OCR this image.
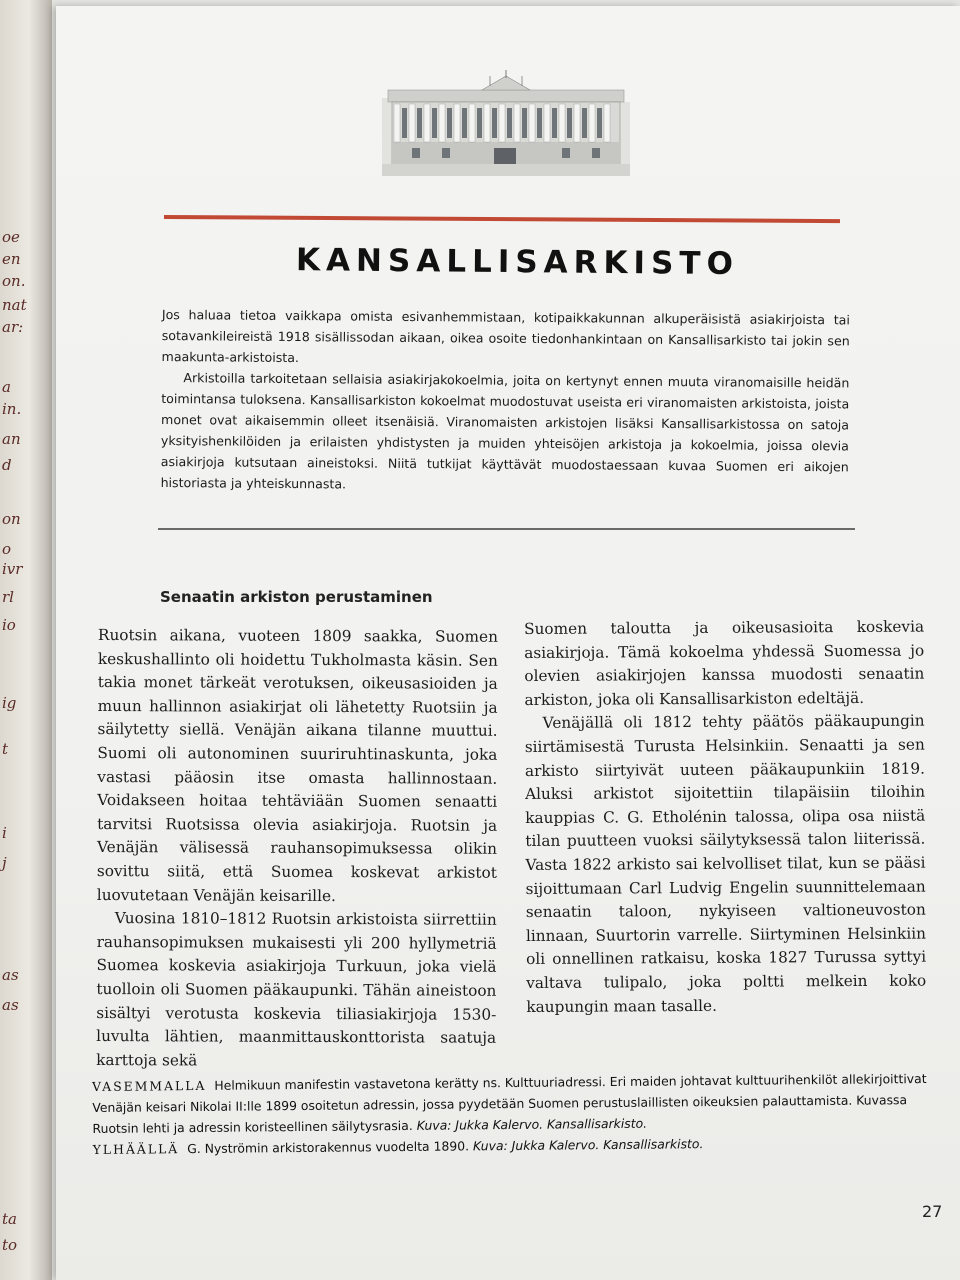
oe
en
on.
nat
ar:
a
in.
an
d
on
o
ivr
rl
io
ig
t
i
j
as
as
ta
to
KANSALLISARKISTO

Jos haluaa tietoa vaikkapa omista esivanhemmistaan, kotipaikkakunnan alkuperäisistä asiakirjoista tai sotavankileireistä 1918 sisällissodan aikaan, oikea osoite tiedonhankintaan on Kansallisarkisto tai jokin sen maakunta-arkistoista.

Arkistoilla tarkoitetaan sellaisia asiakirjakokoelmia, joita on kertynyt ennen muuta viranomaisille heidän toimintansa tuloksena. Kansallisarkiston kokoelmat muodostuvat useista eri viranomaisten arkistoista, joista monet ovat aikaisemmin olleet itsenäisiä. Viranomaisten arkistojen lisäksi Kansallisarkistossa on satoja yksityishenkilöiden ja erilaisten yhdistysten ja muiden yhteisöjen arkistoja ja kokoelmia, joissa olevia asiakirjoja kutsutaan aineistoksi. Niitä tutkijat käyttävät muodostaessaan kuvaa Suomen eri aikojen historiasta ja yhteiskunnasta.

Senaatin arkiston perustaminen

Ruotsin aikana, vuoteen 1809 saakka, Suomen keskushallinto oli hoidettu Tukholmasta käsin. Sen takia monet tärkeät verotuksen, oikeusasioiden ja muun hallinnon asiakirjat oli lähetetty Ruotsiin ja säilytetty siellä. Venäjän aikana tilanne muuttui. Suomi oli autonominen suuriruhtinaskunta, joka vastasi pääosin itse omasta hallinnostaan. Voidakseen hoitaa tehtäviään Suomen senaatti tarvitsi Ruotsissa olevia asiakirjoja. Ruotsin ja Venäjän välisessä rauhansopimuksessa olikin sovittu siitä, että Suomea koskevat arkistot luovutetaan Venäjän keisarille.

Vuosina 1810–1812 Ruotsin arkistoista siirrettiin rauhansopimuksen mukaisesti yli 200 hyllymetriä Suomea koskevia asiakirjoja Turkuun, joka vielä tuolloin oli Suomen pääkaupunki. Tähän aineistoon sisältyi verotusta koskevia tiliasiakirjoja 1530-luvulta lähtien, maanmittauskonttorista saatuja karttoja sekä

Suomen taloutta ja oikeusasioita koskevia asiakirjoja. Tämä kokoelma yhdessä Suomessa jo olevien asiakirjojen kanssa muodosti senaatin arkiston, joka oli Kansallisarkiston edeltäjä.

Venäjällä oli 1812 tehty päätös pääkaupungin siirtämisestä Turusta Helsinkiin. Senaatti ja sen arkisto siirtyivät uuteen pääkaupunkiin 1819. Aluksi arkistot sijoitettiin tilapäisiin tiloihin kauppias C. G. Etholénin talossa, olipa osa niistä tilan puutteen vuoksi säilytyksessä talon liiterissä. Vasta 1822 arkisto sai kelvolliset tilat, kun se pääsi sijoittumaan Carl Ludvig Engelin suunnittelemaan senaatin taloon, nykyiseen valtioneuvoston linnaan, Suurtorin varrelle. Siirtyminen Helsinkiin oli onnellinen ratkaisu, koska 1827 Turussa syttyi valtava tulipalo, joka poltti melkein koko kaupungin maan tasalle.

VASEMMALLA Helmikuun manifestin vastavetona kerätty ns. Kulttuuriadressi. Eri maiden johtavat kulttuurihenkilöt allekirjoittivat Venäjän keisari Nikolai II:lle 1899 osoitetun adressin, jossa pyydetään Suomen perustuslaillisten oikeuksien palauttamista. Kuvassa Ruotsin lehti ja adressin koristeellinen säilytysrasia. Kuva: Jukka Kalervo. Kansallisarkisto.

YLHÄÄLLÄ G. Nyströmin arkistorakennus vuodelta 1890. Kuva: Jukka Kalervo. Kansallisarkisto.

27
